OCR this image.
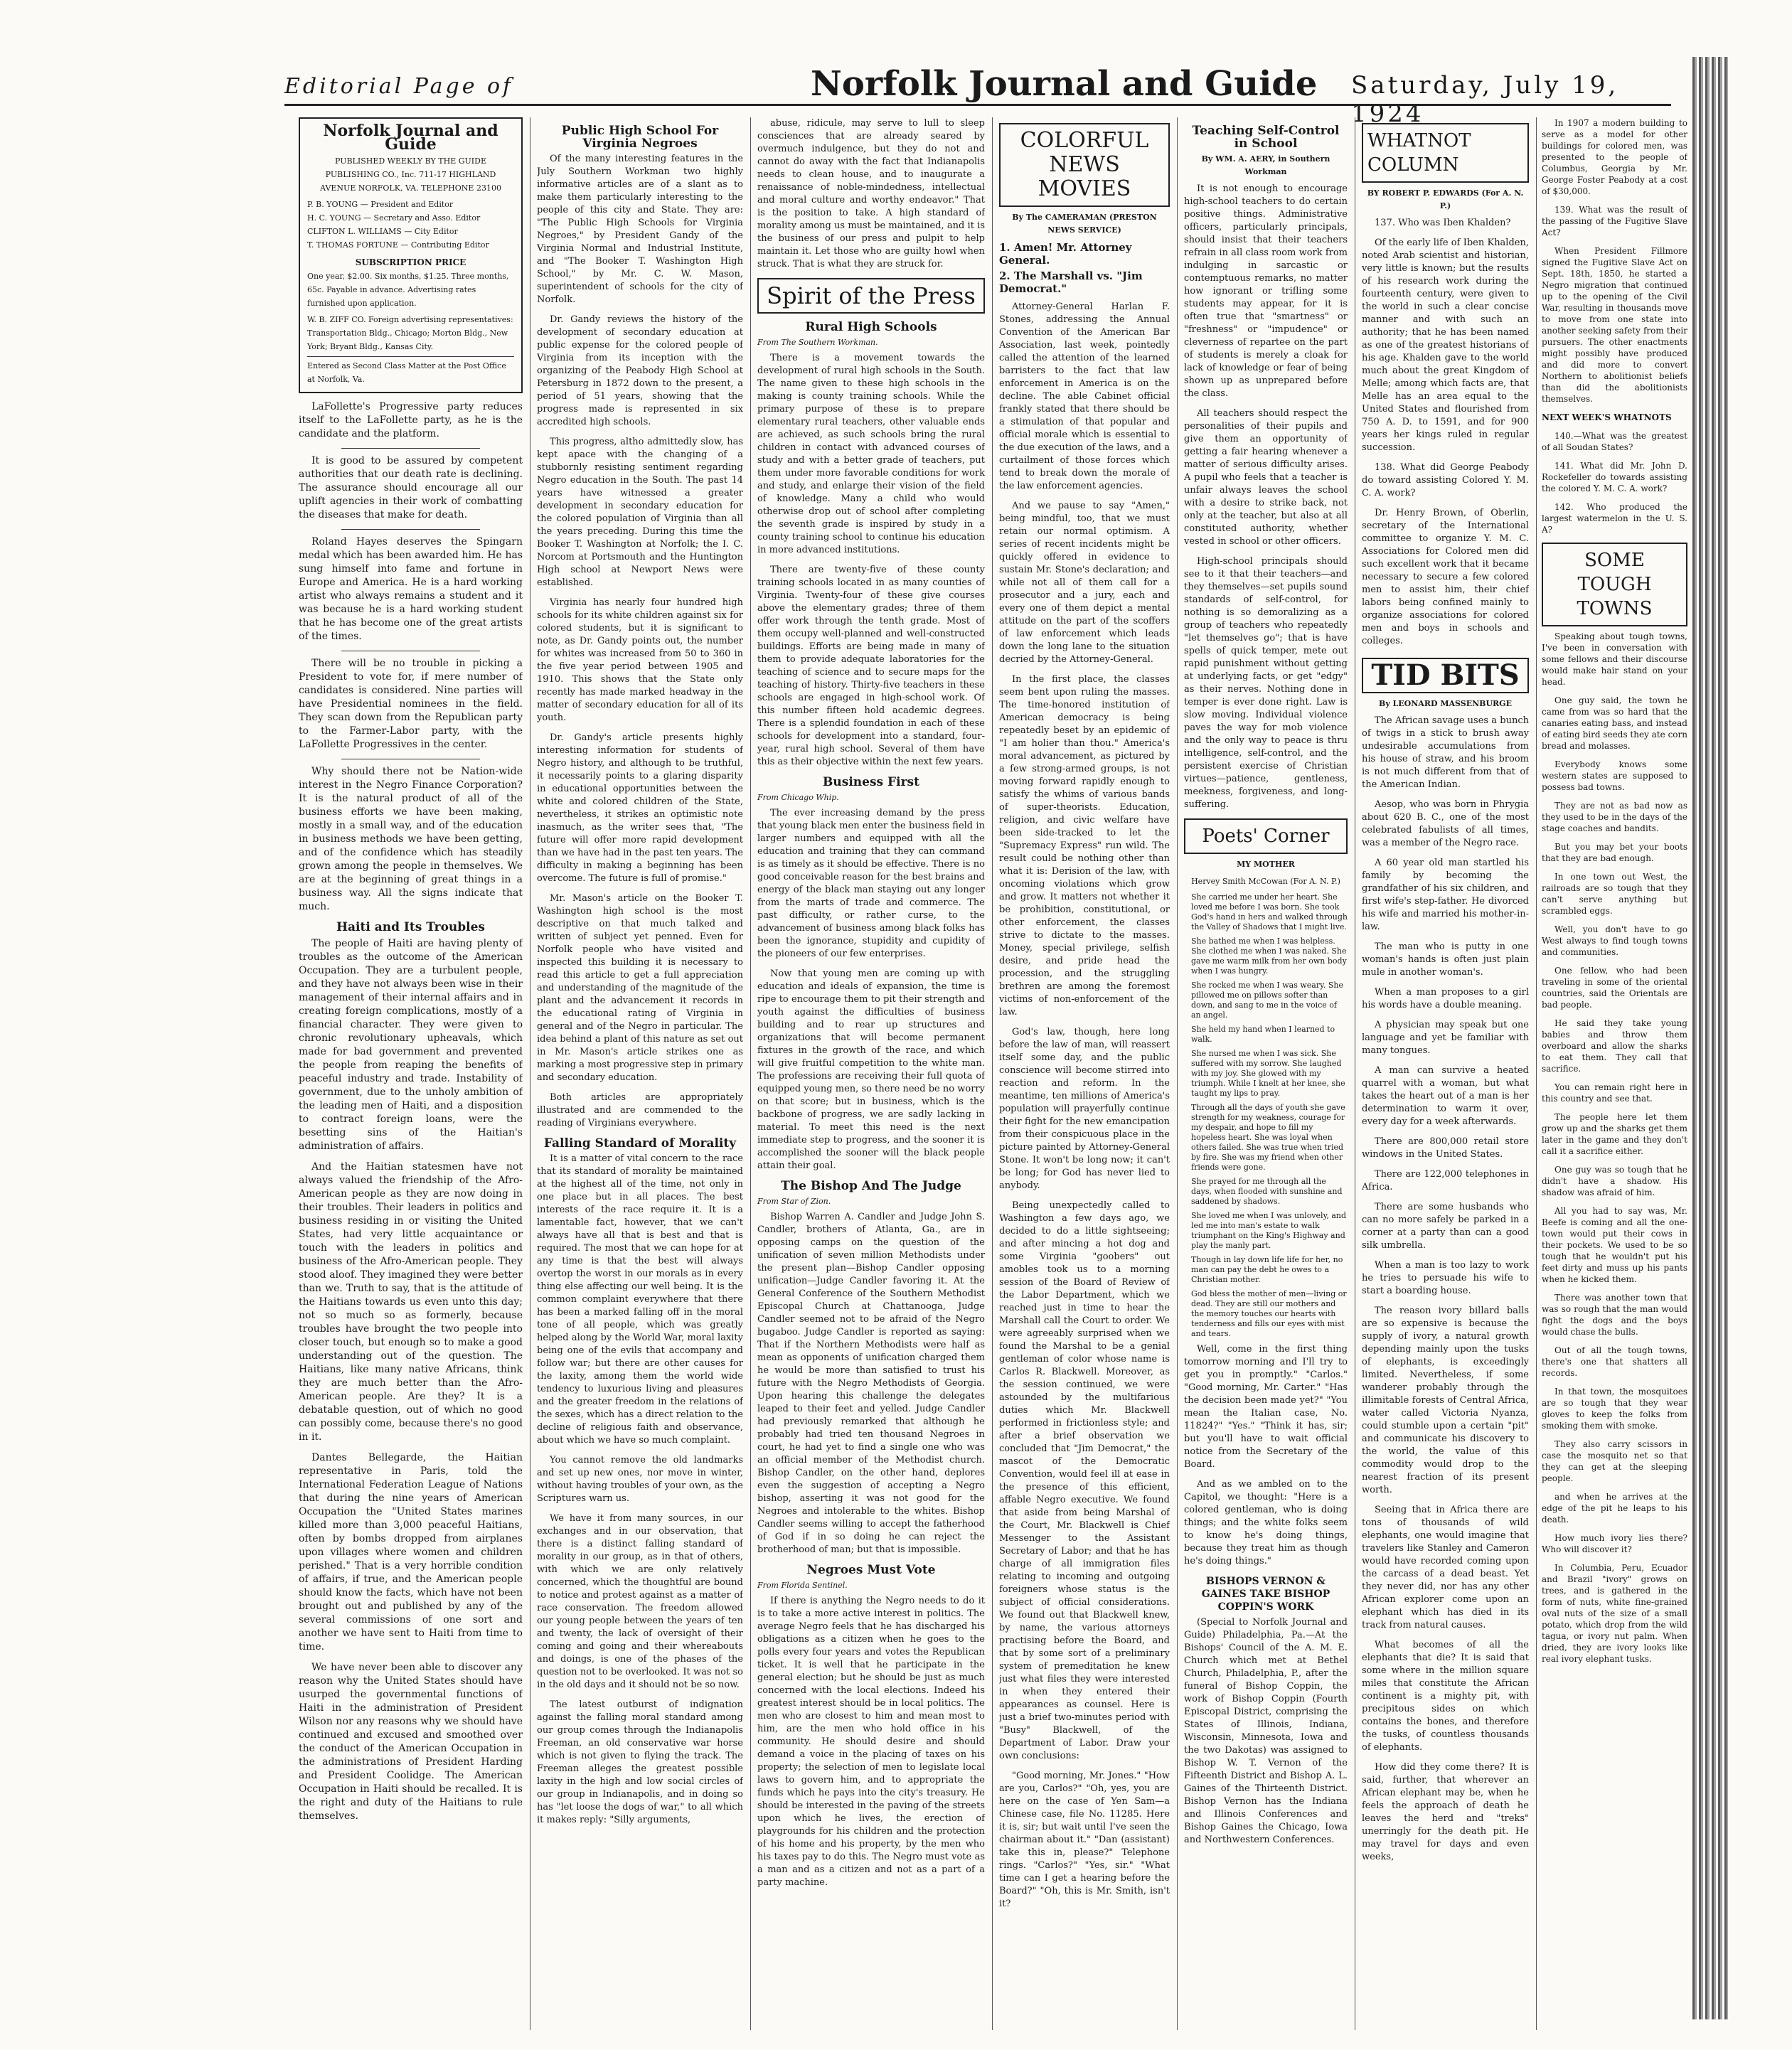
Editorial Page of	Norfolk Journal and Guide Saturday, July 19, 1924
Norfolk Journal and Guide
PUBLISHED WEEKLY BY THE GUIDE PUBLISHING CO., Inc. 711-17 HIGHLAND AVENUE NORFOLK, VA. TELEPHONE 23100
P. B. YOUNG — President and Editor
H. C. YOUNG — Secretary and Asso. Editor
CLIFTON L. WILLIAMS — City Editor
T. THOMAS FORTUNE — Contributing Editor
SUBSCRIPTION PRICE
One year, $2.00. Six months, $1.25. Three months, 65c. Payable in advance. Advertising rates furnished upon application.
W. B. ZIFF CO. Foreign advertising representatives: Transportation Bldg., Chicago; Morton Bldg., New York; Bryant Bldg., Kansas City.
Entered as Second Class Matter at the Post Office at Norfolk, Va.

LaFollette's Progressive party reduces itself to the LaFollette party, as he is the candidate and the platform.

It is good to be assured by competent authorities that our death rate is declining. The assurance should encourage all our uplift agencies in their work of combatting the diseases that make for death.

Roland Hayes deserves the Spingarn medal which has been awarded him. He has sung himself into fame and fortune in Europe and America. He is a hard working artist who always remains a student and it was because he is a hard working student that he has become one of the great artists of the times.

There will be no trouble in picking a President to vote for, if mere number of candidates is considered. Nine parties will have Presidential nominees in the field. They scan down from the Republican party to the Farmer-Labor party, with the LaFollette Progressives in the center.

Why should there not be Nation-wide interest in the Negro Finance Corporation? It is the natural product of all of the business efforts we have been making, mostly in a small way, and of the education in business methods we have been getting, and of the confidence which has steadily grown among the people in themselves. We are at the beginning of great things in a business way. All the signs indicate that much.

Haiti and Its Troubles

The people of Haiti are having plenty of troubles as the outcome of the American Occupation. They are a turbulent people, and they have not always been wise in their management of their internal affairs and in creating foreign complications, mostly of a financial character. They were given to chronic revolutionary upheavals, which made for bad government and prevented the people from reaping the benefits of peaceful industry and trade. Instability of government, due to the unholy ambition of the leading men of Haiti, and a disposition to contract foreign loans, were the besetting sins of the Haitian's administration of affairs.

And the Haitian statesmen have not always valued the friendship of the Afro-American people as they are now doing in their troubles. Their leaders in politics and business residing in or visiting the United States, had very little acquaintance or touch with the leaders in politics and business of the Afro-American people. They stood aloof. They imagined they were better than we. Truth to say, that is the attitude of the Haitians towards us even unto this day; not so much so as formerly, because troubles have brought the two people into closer touch, but enough so to make a good understanding out of the question. The Haitians, like many native Africans, think they are much better than the Afro-American people. Are they? It is a debatable question, out of which no good can possibly come, because there's no good in it.

Dantes Bellegarde, the Haitian representative in Paris, told the International Federation League of Nations that during the nine years of American Occupation the "United States marines killed more than 3,000 peaceful Haitians, often by bombs dropped from airplanes upon villages where women and children perished." That is a very horrible condition of affairs, if true, and the American people should know the facts, which have not been brought out and published by any of the several commissions of one sort and another we have sent to Haiti from time to time.

We have never been able to discover any reason why the United States should have usurped the governmental functions of Haiti in the administration of President Wilson nor any reasons why we should have continued and excused and smoothed over the conduct of the American Occupation in the administrations of President Harding and President Coolidge. The American Occupation in Haiti should be recalled. It is the right and duty of the Haitians to rule themselves.

Public High School For Virginia Negroes

Of the many interesting features in the July Southern Workman two highly informative articles are of a slant as to make them particularly interesting to the people of this city and State. They are: "The Public High Schools for Virginia Negroes," by President Gandy of the Virginia Normal and Industrial Institute, and "The Booker T. Washington High School," by Mr. C. W. Mason, superintendent of schools for the city of Norfolk.

Dr. Gandy reviews the history of the development of secondary education at public expense for the colored people of Virginia from its inception with the organizing of the Peabody High School at Petersburg in 1872 down to the present, a period of 51 years, showing that the progress made is represented in six accredited high schools.

This progress, altho admittedly slow, has kept apace with the changing of a stubbornly resisting sentiment regarding Negro education in the South. The past 14 years have witnessed a greater development in secondary education for the colored population of Virginia than all the years preceding. During this time the Booker T. Washington at Norfolk; the I. C. Norcom at Portsmouth and the Huntington High school at Newport News were established.

Virginia has nearly four hundred high schools for its white children against six for colored students, but it is significant to note, as Dr. Gandy points out, the number for whites was increased from 50 to 360 in the five year period between 1905 and 1910. This shows that the State only recently has made marked headway in the matter of secondary education for all of its youth.

Dr. Gandy's article presents highly interesting information for students of Negro history, and although to be truthful, it necessarily points to a glaring disparity in educational opportunities between the white and colored children of the State, nevertheless, it strikes an optimistic note inasmuch, as the writer sees that, "The future will offer more rapid development than we have had in the past ten years. The difficulty in making a beginning has been overcome. The future is full of promise."

Mr. Mason's article on the Booker T. Washington high school is the most descriptive on that much talked and written of subject yet penned. Even for Norfolk people who have visited and inspected this building it is necessary to read this article to get a full appreciation and understanding of the magnitude of the plant and the advancement it records in the educational rating of Virginia in general and of the Negro in particular. The idea behind a plant of this nature as set out in Mr. Mason's article strikes one as marking a most progressive step in primary and secondary education.

Both articles are appropriately illustrated and are commended to the reading of Virginians everywhere.

Falling Standard of Morality

It is a matter of vital concern to the race that its standard of morality be maintained at the highest all of the time, not only in one place but in all places. The best interests of the race require it. It is a lamentable fact, however, that we can't always have all that is best and that is required. The most that we can hope for at any time is that the best will always overtop the worst in our morals as in every thing else affecting our well being. It is the common complaint everywhere that there has been a marked falling off in the moral tone of all people, which was greatly helped along by the World War, moral laxity being one of the evils that accompany and follow war; but there are other causes for the laxity, among them the world wide tendency to luxurious living and pleasures and the greater freedom in the relations of the sexes, which has a direct relation to the decline of religious faith and observance, about which we have so much complaint.

You cannot remove the old landmarks and set up new ones, nor move in winter, without having troubles of your own, as the Scriptures warn us.

We have it from many sources, in our exchanges and in our observation, that there is a distinct falling standard of morality in our group, as in that of others, with which we are only relatively concerned, which the thoughtful are bound to notice and protest against as a matter of race conservation. The freedom allowed our young people between the years of ten and twenty, the lack of oversight of their coming and going and their whereabouts and doings, is one of the phases of the question not to be overlooked. It was not so in the old days and it should not be so now.

The latest outburst of indignation against the falling moral standard among our group comes through the Indianapolis Freeman, an old conservative war horse which is not given to flying the track. The Freeman alleges the greatest possible laxity in the high and low social circles of our group in Indianapolis, and in doing so has "let loose the dogs of war," to all which it makes reply: "Silly arguments,

abuse, ridicule, may serve to lull to sleep consciences that are already seared by overmuch indulgence, but they do not and cannot do away with the fact that Indianapolis needs to clean house, and to inaugurate a renaissance of noble-mindedness, intellectual and moral culture and worthy endeavor." That is the position to take. A high standard of morality among us must be maintained, and it is the business of our press and pulpit to help maintain it. Let those who are guilty howl when struck. That is what they are struck for.

Spirit of the Press
Rural High Schools
From The Southern Workman.

There is a movement towards the development of rural high schools in the South. The name given to these high schools in the making is county training schools. While the primary purpose of these is to prepare elementary rural teachers, other valuable ends are achieved, as such schools bring the rural children in contact with advanced courses of study and with a better grade of teachers, put them under more favorable conditions for work and study, and enlarge their vision of the field of knowledge. Many a child who would otherwise drop out of school after completing the seventh grade is inspired by study in a county training school to continue his education in more advanced institutions.

There are twenty-five of these county training schools located in as many counties of Virginia. Twenty-four of these give courses above the elementary grades; three of them offer work through the tenth grade. Most of them occupy well-planned and well-constructed buildings. Efforts are being made in many of them to provide adequate laboratories for the teaching of science and to secure maps for the teaching of history. Thirty-five teachers in these schools are engaged in high-school work. Of this number fifteen hold academic degrees. There is a splendid foundation in each of these schools for development into a standard, four-year, rural high school. Several of them have this as their objective within the next few years.

Business First
From Chicago Whip.

The ever increasing demand by the press that young black men enter the business field in larger numbers and equipped with all the education and training that they can command is as timely as it should be effective. There is no good conceivable reason for the best brains and energy of the black man staying out any longer from the marts of trade and commerce. The past difficulty, or rather curse, to the advancement of business among black folks has been the ignorance, stupidity and cupidity of the pioneers of our few enterprises.

Now that young men are coming up with education and ideals of expansion, the time is ripe to encourage them to pit their strength and youth against the difficulties of business building and to rear up structures and organizations that will become permanent fixtures in the growth of the race, and which will give fruitful competition to the white man. The professions are receiving their full quota of equipped young men, so there need be no worry on that score; but in business, which is the backbone of progress, we are sadly lacking in material. To meet this need is the next immediate step to progress, and the sooner it is accomplished the sooner will the black people attain their goal.

The Bishop And The Judge
From Star of Zion.

Bishop Warren A. Candler and Judge John S. Candler, brothers of Atlanta, Ga., are in opposing camps on the question of the unification of seven million Methodists under the present plan—Bishop Candler opposing unification—Judge Candler favoring it. At the General Conference of the Southern Methodist Episcopal Church at Chattanooga, Judge Candler seemed not to be afraid of the Negro bugaboo. Judge Candler is reported as saying: That if the Northern Methodists were half as mean as opponents of unification charged them he would be more than satisfied to trust his future with the Negro Methodists of Georgia. Upon hearing this challenge the delegates leaped to their feet and yelled. Judge Candler had previously remarked that although he probably had tried ten thousand Negroes in court, he had yet to find a single one who was an official member of the Methodist church. Bishop Candler, on the other hand, deplores even the suggestion of accepting a Negro bishop, asserting it was not good for the Negroes and intolerable to the whites. Bishop Candler seems willing to accept the fatherhood of God if in so doing he can reject the brotherhood of man; but that is impossible.

Negroes Must Vote
From Florida Sentinel.

If there is anything the Negro needs to do it is to take a more active interest in politics. The average Negro feels that he has discharged his obligations as a citizen when he goes to the polls every four years and votes the Republican ticket. It is well that he participate in the general election; but he should be just as much concerned with the local elections. Indeed his greatest interest should be in local politics. The men who are closest to him and mean most to him, are the men who hold office in his community. He should desire and should demand a voice in the placing of taxes on his property; the selection of men to legislate local laws to govern him, and to appropriate the funds which he pays into the city's treasury. He should be interested in the paving of the streets upon which he lives, the erection of playgrounds for his children and the protection of his home and his property, by the men who his taxes pay to do this. The Negro must vote as a man and as a citizen and not as a part of a party machine.

COLORFUL NEWS MOVIES
By The CAMERAMAN (PRESTON NEWS SERVICE)
1. Amen! Mr. Attorney General.
2. The Marshall vs. "Jim Democrat."

Attorney-General Harlan F. Stones, addressing the Annual Convention of the American Bar Association, last week, pointedly called the attention of the learned barristers to the fact that law enforcement in America is on the decline. The able Cabinet official frankly stated that there should be a stimulation of that popular and official morale which is essential to the due execution of the laws, and a curtailment of those forces which tend to break down the morale of the law enforcement agencies.

And we pause to say "Amen," being mindful, too, that we must retain our normal optimism. A series of recent incidents might be quickly offered in evidence to sustain Mr. Stone's declaration; and while not all of them call for a prosecutor and a jury, each and every one of them depict a mental attitude on the part of the scoffers of law enforcement which leads down the long lane to the situation decried by the Attorney-General.

In the first place, the classes seem bent upon ruling the masses. The time-honored institution of American democracy is being repeatedly beset by an epidemic of "I am holier than thou." America's moral advancement, as pictured by a few strong-armed groups, is not moving forward rapidly enough to satisfy the whims of various bands of super-theorists. Education, religion, and civic welfare have been side-tracked to let the "Supremacy Express" run wild. The result could be nothing other than what it is: Derision of the law, with oncoming violations which grow and grow. It matters not whether it be prohibition, constitutional, or other enforcement, the classes strive to dictate to the masses. Money, special privilege, selfish desire, and pride head the procession, and the struggling brethren are among the foremost victims of non-enforcement of the law.

God's law, though, here long before the law of man, will reassert itself some day, and the public conscience will become stirred into reaction and reform. In the meantime, ten millions of America's population will prayerfully continue their fight for the new emancipation from their conspicuous place in the picture painted by Attorney-General Stone. It won't be long now; it can't be long; for God has never lied to anybody.

Being unexpectedly called to Washington a few days ago, we decided to do a little sightseeing; and after mincing a hot dog and some Virginia "goobers" out amobles took us to a morning session of the Board of Review of the Labor Department, which we reached just in time to hear the Marshall call the Court to order. We were agreeably surprised when we found the Marshal to be a genial gentleman of color whose name is Carlos R. Blackwell. Moreover, as the session continued, we were astounded by the multifarious duties which Mr. Blackwell performed in frictionless style; and after a brief observation we concluded that "Jim Democrat," the mascot of the Democratic Convention, would feel ill at ease in the presence of this efficient, affable Negro executive. We found that aside from being Marshal of the Court, Mr. Blackwell is Chief Messenger to the Assistant Secretary of Labor; and that he has charge of all immigration files relating to incoming and outgoing foreigners whose status is the subject of official considerations. We found out that Blackwell knew, by name, the various attorneys practising before the Board, and that by some sort of a preliminary system of premeditation he knew just what files they were interested in when they entered their appearances as counsel. Here is just a brief two-minutes period with "Busy" Blackwell, of the Department of Labor. Draw your own conclusions:

"Good morning, Mr. Jones." "How are you, Carlos?" "Oh, yes, you are here on the case of Yen Sam—a Chinese case, file No. 11285. Here it is, sir; but wait until I've seen the chairman about it." "Dan (assistant) take this in, please?" Telephone rings. "Carlos?" "Yes, sir." "What time can I get a hearing before the Board?" "Oh, this is Mr. Smith, isn't it?

Teaching Self-Control in School
By WM. A. AERY, in Southern Workman

It is not enough to encourage high-school teachers to do certain positive things. Administrative officers, particularly principals, should insist that their teachers refrain in all class room work from indulging in sarcastic or contemptuous remarks, no matter how ignorant or trifling some students may appear, for it is often true that "smartness" or "freshness" or "impudence" or cleverness of repartee on the part of students is merely a cloak for lack of knowledge or fear of being shown up as unprepared before the class.

All teachers should respect the personalities of their pupils and give them an opportunity of getting a fair hearing whenever a matter of serious difficulty arises. A pupil who feels that a teacher is unfair always leaves the school with a desire to strike back, not only at the teacher, but also at all constituted authority, whether vested in school or other officers.

High-school principals should see to it that their teachers—and they themselves—set pupils sound standards of self-control, for nothing is so demoralizing as a group of teachers who repeatedly "let themselves go"; that is have spells of quick temper, mete out rapid punishment without getting at underlying facts, or get "edgy" as their nerves. Nothing done in temper is ever done right. Law is slow moving. Individual violence paves the way for mob violence and the only way to peace is thru intelligence, self-control, and the persistent exercise of Christian virtues—patience, gentleness, meekness, forgiveness, and long-suffering.

Poets' Corner
MY MOTHER
Hervey Smith McCowan (For A. N. P.)

She carried me under her heart. She loved me before I was born. She took God's hand in hers and walked through the Valley of Shadows that I might live.

She bathed me when I was helpless. She clothed me when I was naked. She gave me warm milk from her own body when I was hungry.

She rocked me when I was weary. She pillowed me on pillows softer than down, and sang to me in the voice of an angel.

She held my hand when I learned to walk.

She nursed me when I was sick. She suffered with my sorrow. She laughed with my joy. She glowed with my triumph. While I knelt at her knee, she taught my lips to pray.

Through all the days of youth she gave strength for my weakness, courage for my despair, and hope to fill my hopeless heart. She was loyal when others failed. She was true when tried by fire. She was my friend when other friends were gone.

She prayed for me through all the days, when flooded with sunshine and saddened by shadows.

She loved me when I was unlovely, and led me into man's estate to walk triumphant on the King's Highway and play the manly part.

Though in lay down life life for her, no man can pay the debt he owes to a Christian mother.

God bless the mother of men—living or dead. They are still our mothers and the memory touches our hearts with tenderness and fills our eyes with mist and tears.

Well, come in the first thing tomorrow morning and I'll try to get you in promptly." "Carlos." "Good morning, Mr. Carter." "Has the decision been made yet?" "You mean the Italian case, No. 11824?" "Yes." "Think it has, sir; but you'll have to wait official notice from the Secretary of the Board.

And as we ambled on to the Capitol, we thought: "Here is a colored gentleman, who is doing things; and the white folks seem to know he's doing things, because they treat him as though he's doing things."

BISHOPS VERNON & GAINES TAKE BISHOP COPPIN'S WORK

(Special to Norfolk Journal and Guide) Philadelphia, Pa.—At the Bishops' Council of the A. M. E. Church which met at Bethel Church, Philadelphia, P., after the funeral of Bishop Coppin, the work of Bishop Coppin (Fourth Episcopal District, comprising the States of Illinois, Indiana, Wisconsin, Minnesota, Iowa and the two Dakotas) was assigned to Bishop W. T. Vernon of the Fifteenth District and Bishop A. L. Gaines of the Thirteenth District. Bishop Vernon has the Indiana and Illinois Conferences and Bishop Gaines the Chicago, Iowa and Northwestern Conferences.

WHATNOT COLUMN
BY ROBERT P. EDWARDS (For A. N. P.)

137. Who was Iben Khalden?

Of the early life of Iben Khalden, noted Arab scientist and historian, very little is known; but the results of his research work during the fourteenth century, were given to the world in such a clear concise manner and with such an authority; that he has been named as one of the greatest historians of his age. Khalden gave to the world much about the great Kingdom of Melle; among which facts are, that Melle has an area equal to the United States and flourished from 750 A. D. to 1591, and for 900 years her kings ruled in regular succession.

138. What did George Peabody do toward assisting Colored Y. M. C. A. work?

Dr. Henry Brown, of Oberlin, secretary of the International committee to organize Y. M. C. Associations for Colored men did such excellent work that it became necessary to secure a few colored men to assist him, their chief labors being confined mainly to organize associations for colored men and boys in schools and colleges.

TID BITS
By LEONARD MASSENBURGE

The African savage uses a bunch of twigs in a stick to brush away undesirable accumulations from his house of straw, and his broom is not much different from that of the American Indian.

Aesop, who was born in Phrygia about 620 B. C., one of the most celebrated fabulists of all times, was a member of the Negro race.

A 60 year old man startled his family by becoming the grandfather of his six children, and first wife's step-father. He divorced his wife and married his mother-in-law.

The man who is putty in one woman's hands is often just plain mule in another woman's.

When a man proposes to a girl his words have a double meaning.

A physician may speak but one language and yet be familiar with many tongues.

A man can survive a heated quarrel with a woman, but what takes the heart out of a man is her determination to warm it over, every day for a week afterwards.

There are 800,000 retail store windows in the United States.

There are 122,000 telephones in Africa.

There are some husbands who can no more safely be parked in a corner at a party than can a good silk umbrella.

When a man is too lazy to work he tries to persuade his wife to start a boarding house.

The reason ivory billard balls are so expensive is because the supply of ivory, a natural growth depending mainly upon the tusks of elephants, is exceedingly limited. Nevertheless, if some wanderer probably through the illimitable forests of Central Africa, water called Victoria Nyanza, could stumble upon a certain "pit" and communicate his discovery to the world, the value of this commodity would drop to the nearest fraction of its present worth.

Seeing that in Africa there are tons of thousands of wild elephants, one would imagine that travelers like Stanley and Cameron would have recorded coming upon the carcass of a dead beast. Yet they never did, nor has any other African explorer come upon an elephant which has died in its track from natural causes.

What becomes of all the elephants that die? It is said that some where in the million square miles that constitute the African continent is a mighty pit, with precipitous sides on which contains the bones, and therefore the tusks, of countless thousands of elephants.

How did they come there? It is said, further, that wherever an African elephant may be, when he feels the approach of death he leaves the herd and "treks" unerringly for the death pit. He may travel for days and even weeks,

In 1907 a modern building to serve as a model for other buildings for colored men, was presented to the people of Columbus, Georgia by Mr. George Foster Peabody at a cost of $30,000.

139. What was the result of the passing of the Fugitive Slave Act?

When President Fillmore signed the Fugitive Slave Act on Sept. 18th, 1850, he started a Negro migration that continued up to the opening of the Civil War, resulting in thousands move to move from one state into another seeking safety from their pursuers. The other enactments might possibly have produced and did more to convert Northern to abolitionist beliefs than did the abolitionists themselves.

NEXT WEEK'S WHATNOTS

140.—What was the greatest of all Soudan States?

141. What did Mr. John D. Rockefeller do towards assisting the colored Y. M. C. A. work?

142. Who produced the largest watermelon in the U. S. A?

SOME TOUGH TOWNS

Speaking about tough towns, I've been in conversation with some fellows and their discourse would make hair stand on your head.

One guy said, the town he came from was so hard that the canaries eating bass, and instead of eating bird seeds they ate corn bread and molasses.

Everybody knows some western states are supposed to possess bad towns.

They are not as bad now as they used to be in the days of the stage coaches and bandits.

But you may bet your boots that they are bad enough.

In one town out West, the railroads are so tough that they can't serve anything but scrambled eggs.

Well, you don't have to go West always to find tough towns and communities.

One fellow, who had been traveling in some of the oriental countries, said the Orientals are bad people.

He said they take young babies and throw them overboard and allow the sharks to eat them. They call that sacrifice.

You can remain right here in this country and see that.

The people here let them grow up and the sharks get them later in the game and they don't call it a sacrifice either.

One guy was so tough that he didn't have a shadow. His shadow was afraid of him.

All you had to say was, Mr. Beefe is coming and all the one-town would put their cows in their pockets. We used to be so tough that he wouldn't put his feet dirty and muss up his pants when he kicked them.

There was another town that was so rough that the man would fight the dogs and the boys would chase the bulls.

Out of all the tough towns, there's one that shatters all records.

In that town, the mosquitoes are so tough that they wear gloves to keep the folks from smoking them with smoke.

They also carry scissors in case the mosquito net so that they can get at the sleeping people.

and when he arrives at the edge of the pit he leaps to his death.

How much ivory lies there? Who will discover it?

In Columbia, Peru, Ecuador and Brazil "ivory" grows on trees, and is gathered in the form of nuts, white fine-grained oval nuts of the size of a small potato, which drop from the wild tagua, or ivory nut palm. When dried, they are ivory looks like real ivory elephant tusks.
